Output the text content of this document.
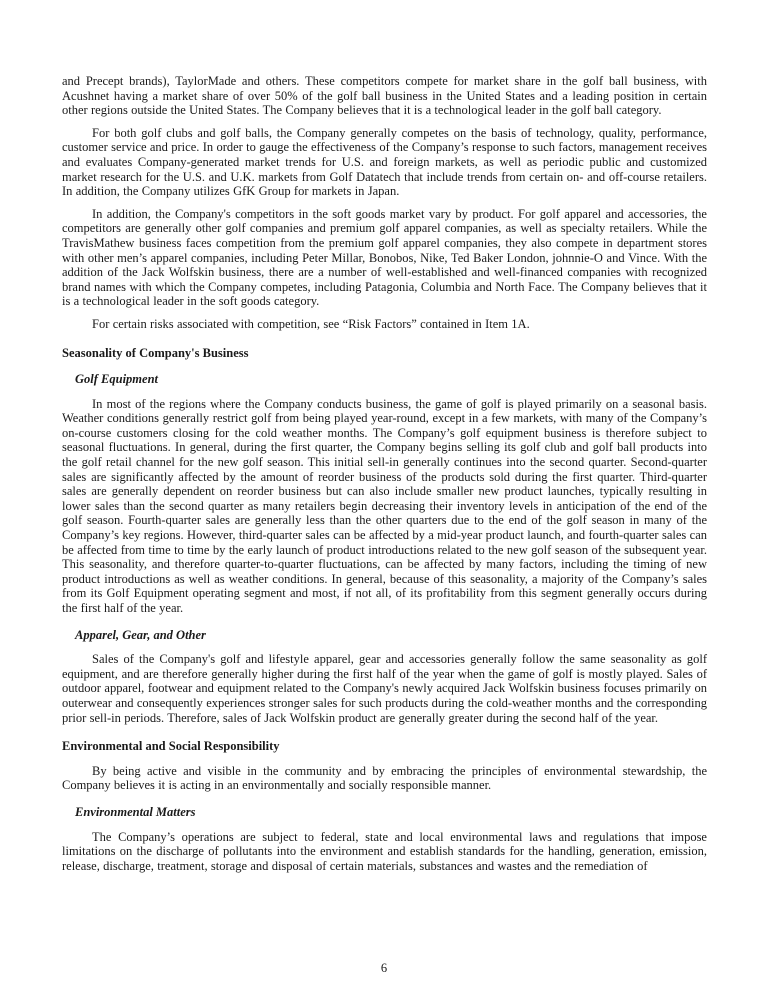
and Precept brands), TaylorMade and others. These competitors compete for market share in the golf ball business, with Acushnet having a market share of over 50% of the golf ball business in the United States and a leading position in certain other regions outside the United States. The Company believes that it is a technological leader in the golf ball category.

For both golf clubs and golf balls, the Company generally competes on the basis of technology, quality, performance, customer service and price. In order to gauge the effectiveness of the Company’s response to such factors, management receives and evaluates Company-generated market trends for U.S. and foreign markets, as well as periodic public and customized market research for the U.S. and U.K. markets from Golf Datatech that include trends from certain on- and off-course retailers. In addition, the Company utilizes GfK Group for markets in Japan.

In addition, the Company's competitors in the soft goods market vary by product. For golf apparel and accessories, the competitors are generally other golf companies and premium golf apparel companies, as well as specialty retailers. While the TravisMathew business faces competition from the premium golf apparel companies, they also compete in department stores with other men’s apparel companies, including Peter Millar, Bonobos, Nike, Ted Baker London, johnnie-O and Vince. With the addition of the Jack Wolfskin business, there are a number of well-established and well-financed companies with recognized brand names with which the Company competes, including Patagonia, Columbia and North Face. The Company believes that it is a technological leader in the soft goods category.

For certain risks associated with competition, see “Risk Factors” contained in Item 1A.

Seasonality of Company's Business
Golf Equipment

In most of the regions where the Company conducts business, the game of golf is played primarily on a seasonal basis. Weather conditions generally restrict golf from being played year-round, except in a few markets, with many of the Company’s on-course customers closing for the cold weather months. The Company’s golf equipment business is therefore subject to seasonal fluctuations. In general, during the first quarter, the Company begins selling its golf club and golf ball products into the golf retail channel for the new golf season. This initial sell-in generally continues into the second quarter. Second-quarter sales are significantly affected by the amount of reorder business of the products sold during the first quarter. Third-quarter sales are generally dependent on reorder business but can also include smaller new product launches, typically resulting in lower sales than the second quarter as many retailers begin decreasing their inventory levels in anticipation of the end of the golf season. Fourth-quarter sales are generally less than the other quarters due to the end of the golf season in many of the Company’s key regions. However, third-quarter sales can be affected by a mid-year product launch, and fourth-quarter sales can be affected from time to time by the early launch of product introductions related to the new golf season of the subsequent year. This seasonality, and therefore quarter-to-quarter fluctuations, can be affected by many factors, including the timing of new product introductions as well as weather conditions. In general, because of this seasonality, a majority of the Company’s sales from its Golf Equipment operating segment and most, if not all, of its profitability from this segment generally occurs during the first half of the year.

Apparel, Gear, and Other

Sales of the Company's golf and lifestyle apparel, gear and accessories generally follow the same seasonality as golf equipment, and are therefore generally higher during the first half of the year when the game of golf is mostly played. Sales of outdoor apparel, footwear and equipment related to the Company's newly acquired Jack Wolfskin business focuses primarily on outerwear and consequently experiences stronger sales for such products during the cold-weather months and the corresponding prior sell-in periods. Therefore, sales of Jack Wolfskin product are generally greater during the second half of the year.

Environmental and Social Responsibility

By being active and visible in the community and by embracing the principles of environmental stewardship, the Company believes it is acting in an environmentally and socially responsible manner.

Environmental Matters

The Company’s operations are subject to federal, state and local environmental laws and regulations that impose limitations on the discharge of pollutants into the environment and establish standards for the handling, generation, emission, release, discharge, treatment, storage and disposal of certain materials, substances and wastes and the remediation of

6
